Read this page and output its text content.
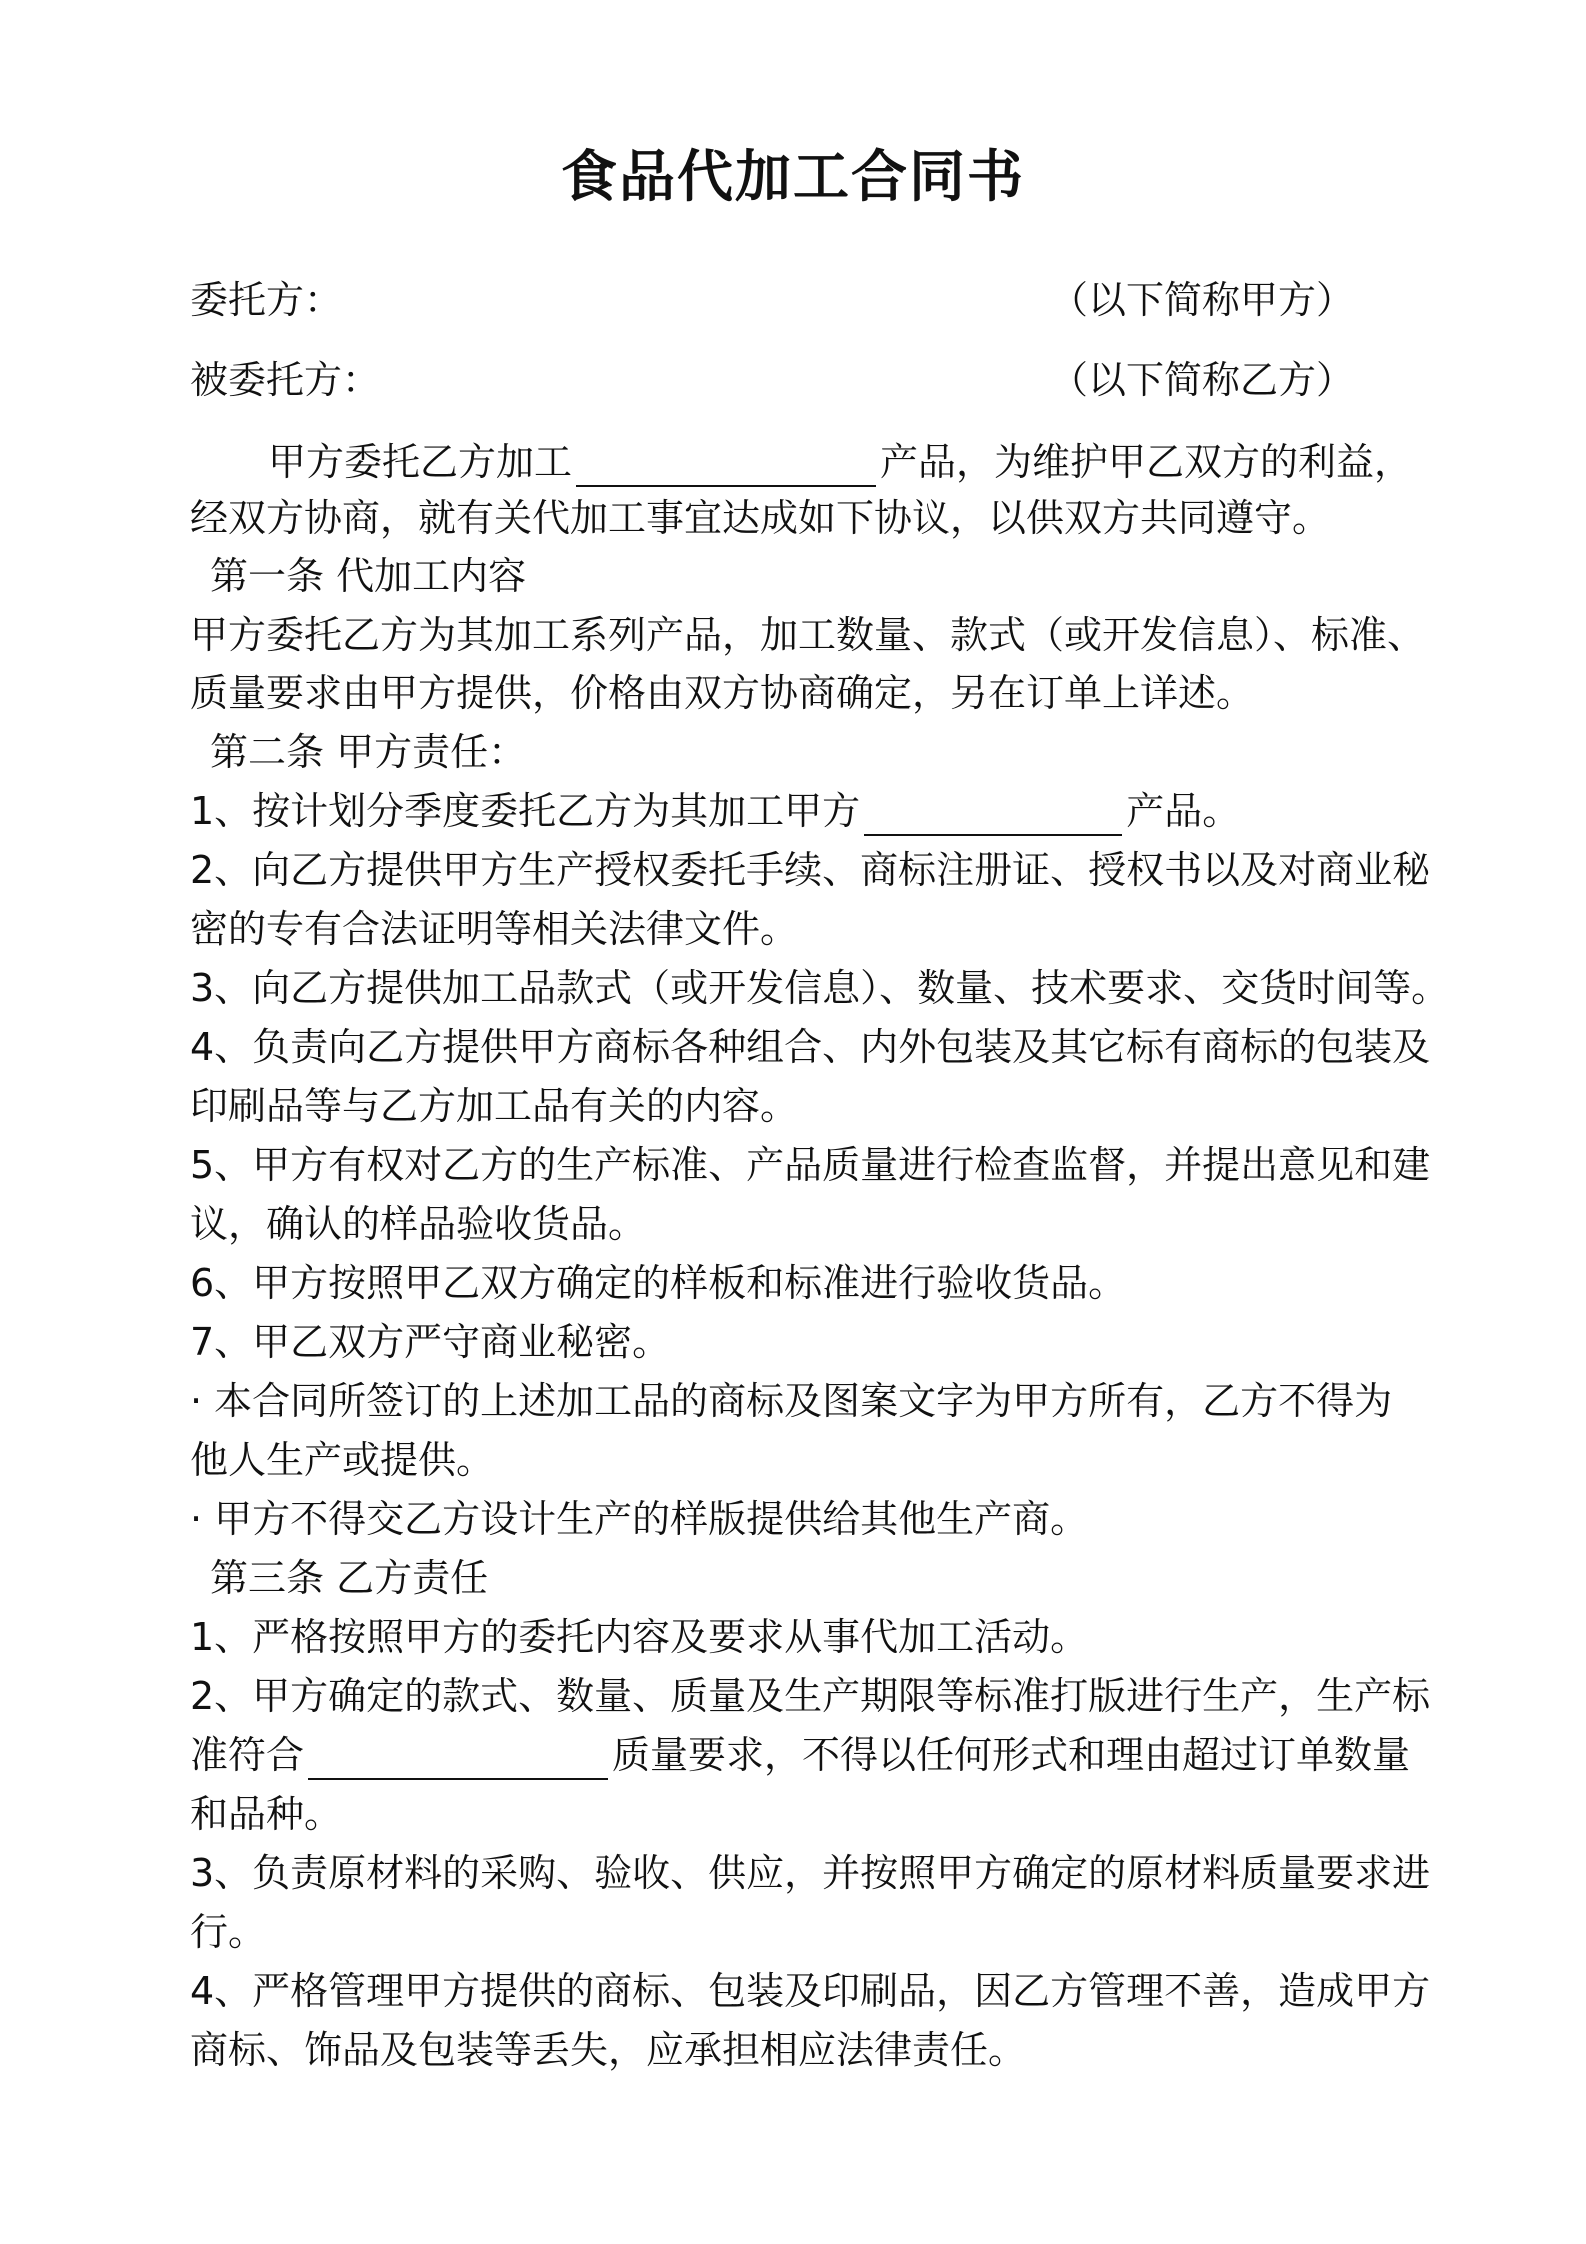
食品代加工合同书
委托方：	（以下简称甲方）
被委托方：	（以下简称乙方）
甲方委托乙方加工	产品，为维护甲乙双方的利益，
经双方协商，就有关代加工事宜达成如下协议，以供双方共同遵守。
第一条 代加工内容
甲方委托乙方为其加工系列产品，加工数量、款式（或开发信息）、标准、
质量要求由甲方提供，价格由双方协商确定，另在订单上详述。
第二条 甲方责任：
1、按计划分季度委托乙方为其加工甲方	产品。
2、向乙方提供甲方生产授权委托手续、商标注册证、授权书以及对商业秘
密的专有合法证明等相关法律文件。
3、向乙方提供加工品款式（或开发信息）、数量、技术要求、交货时间等。
4、负责向乙方提供甲方商标各种组合、内外包装及其它标有商标的包装及
印刷品等与乙方加工品有关的内容。
5、甲方有权对乙方的生产标准、产品质量进行检查监督，并提出意见和建
议，确认的样品验收货品。
6、甲方按照甲乙双方确定的样板和标准进行验收货品。
7、甲乙双方严守商业秘密。
· 本合同所签订的上述加工品的商标及图案文字为甲方所有，乙方不得为
他人生产或提供。
· 甲方不得交乙方设计生产的样版提供给其他生产商。
第三条 乙方责任
1、严格按照甲方的委托内容及要求从事代加工活动。
2、甲方确定的款式、数量、质量及生产期限等标准打版进行生产，生产标
准符合	质量要求，不得以任何形式和理由超过订单数量
和品种。
3、负责原材料的采购、验收、供应，并按照甲方确定的原材料质量要求进
行。
4、严格管理甲方提供的商标、包装及印刷品，因乙方管理不善，造成甲方
商标、饰品及包装等丢失，应承担相应法律责任。
